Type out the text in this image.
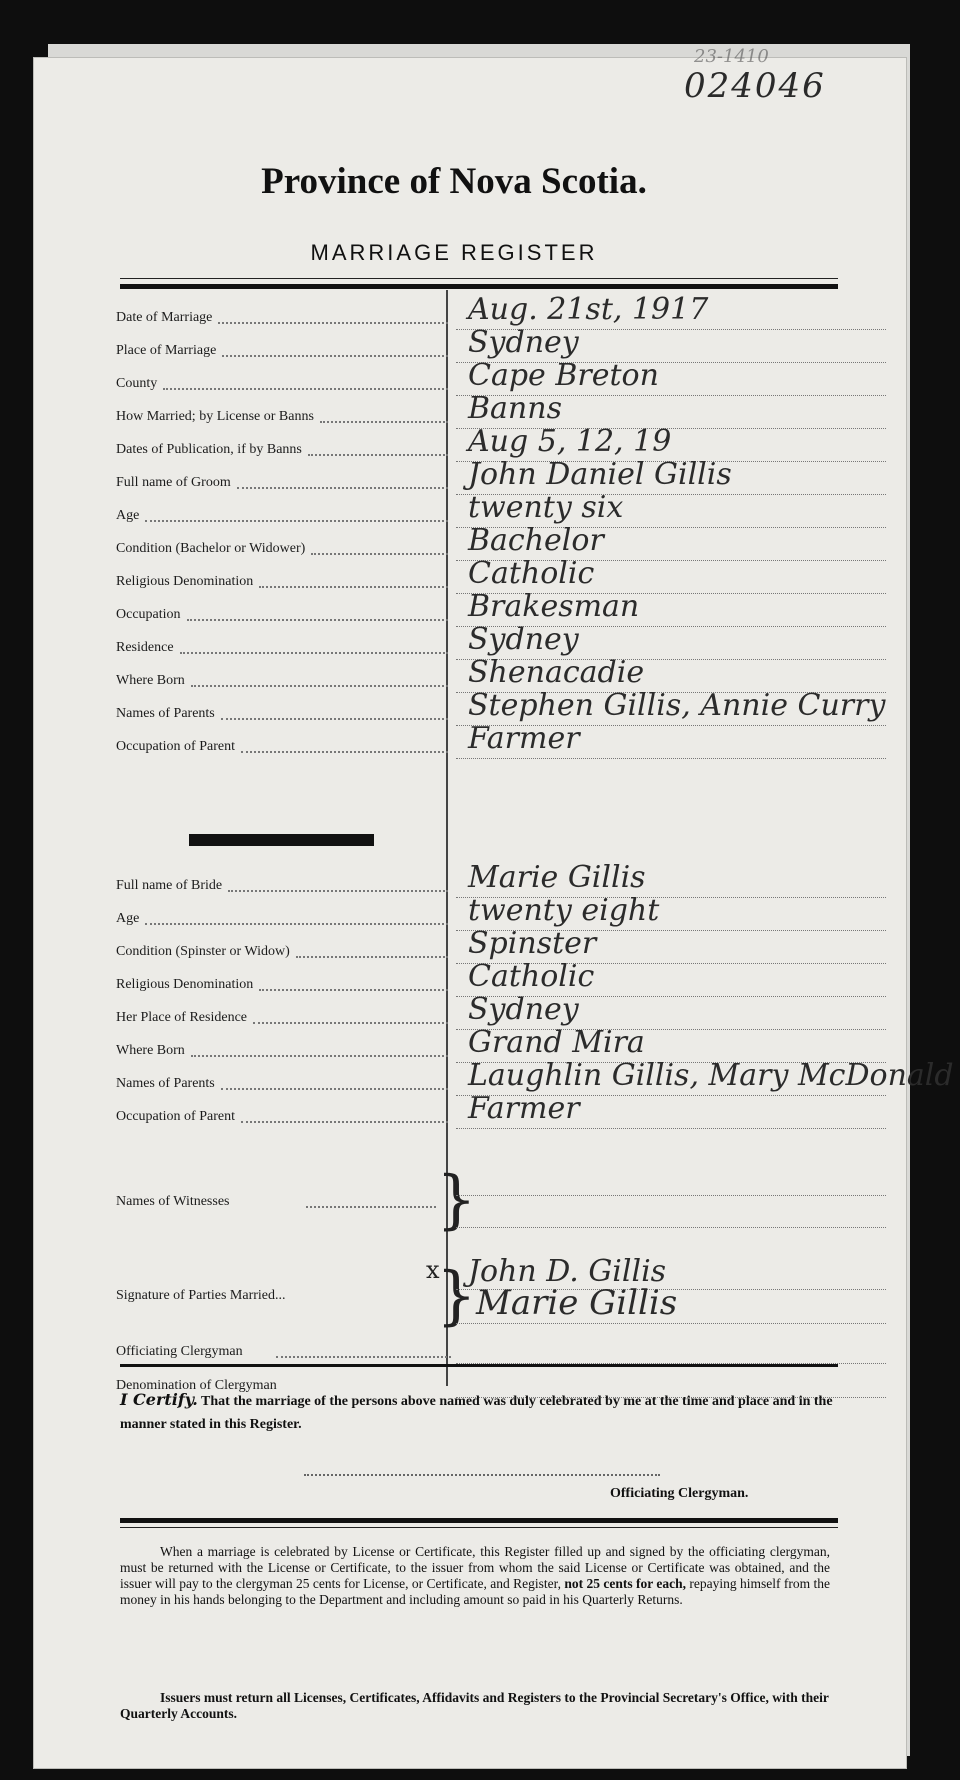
23-1410
024046
Province of Nova Scotia.
MARRIAGE REGISTER
Date of Marriage	Aug. 21st, 1917
Place of Marriage	Sydney
County	Cape Breton
How Married; by License or Banns	Banns
Dates of Publication, if by Banns	Aug 5, 12, 19
Full name of Groom	John Daniel Gillis
Age	twenty six
Condition (Bachelor or Widower)	Bachelor
Religious Denomination	Catholic
Occupation	Brakesman
Residence	Sydney
Where Born	Shenacadie
Names of Parents	Stephen Gillis, Annie Curry
Occupation of Parent	Farmer
Full name of Bride	Marie Gillis
Age	twenty eight
Condition (Spinster or Widow)	Spinster
Religious Denomination	Catholic
Her Place of Residence	Sydney
Where Born	Grand Mira
Names of Parents	Laughlin Gillis, Mary McDonald
Occupation of Parent	Farmer
Names of Witnesses	}
Signature of Parties Married... }
John D. Gillis
Marie Gillis
x
Officiating Clergyman
Denomination of Clergyman
I Certify. That the marriage of the persons above named was duly celebrated by me at the time and place and in the manner stated in this Register.
Officiating Clergyman.
When a marriage is celebrated by License or Certificate, this Register filled up and signed by the officiating clergyman, must be returned with the License or Certificate, to the issuer from whom the said License or Certificate was obtained, and the issuer will pay to the clergyman 25 cents for License, or Certificate, and Register, not 25 cents for each, repaying himself from the money in his hands belonging to the Department and including amount so paid in his Quarterly Returns.
Issuers must return all Licenses, Certificates, Affidavits and Registers to the Provincial Secretary's Office, with their Quarterly Accounts.
